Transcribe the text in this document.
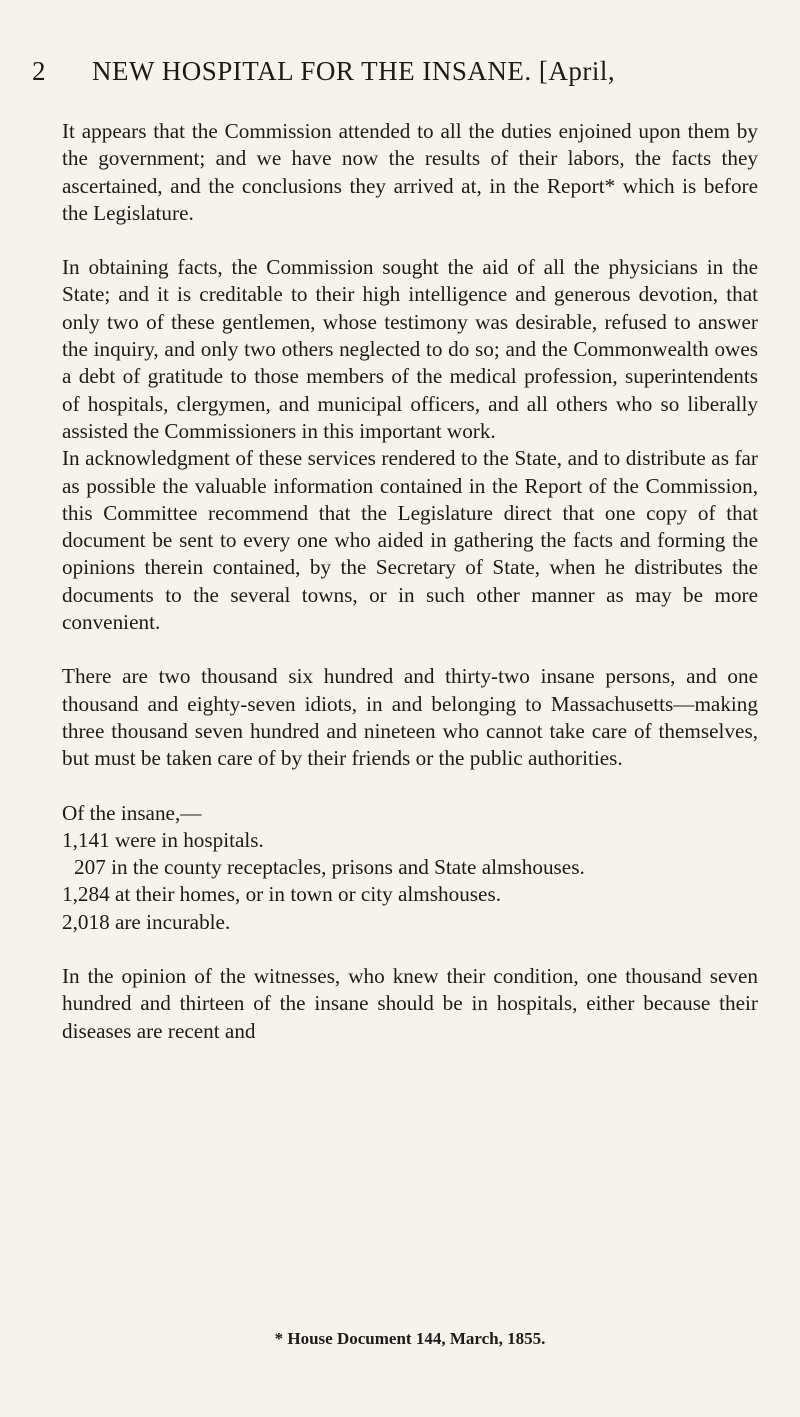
2 NEW HOSPITAL FOR THE INSANE. [April,

It appears that the Commission attended to all the duties enjoined upon them by the government; and we have now the results of their labors, the facts they ascertained, and the conclusions they arrived at, in the Report* which is before the Legislature.

In obtaining facts, the Commission sought the aid of all the physicians in the State; and it is creditable to their high intelligence and generous devotion, that only two of these gentlemen, whose testimony was desirable, refused to answer the inquiry, and only two others neglected to do so; and the Commonwealth owes a debt of gratitude to those members of the medical profession, superintendents of hospitals, clergymen, and municipal officers, and all others who so liberally assisted the Commissioners in this important work.

In acknowledgment of these services rendered to the State, and to distribute as far as possible the valuable information contained in the Report of the Commission, this Committee recommend that the Legislature direct that one copy of that document be sent to every one who aided in gathering the facts and forming the opinions therein contained, by the Secretary of State, when he distributes the documents to the several towns, or in such other manner as may be more convenient.

There are two thousand six hundred and thirty-two insane persons, and one thousand and eighty-seven idiots, in and belonging to Massachusetts—making three thousand seven hundred and nineteen who cannot take care of themselves, but must be taken care of by their friends or the public authorities.

Of the insane,—

1,141 were in hospitals.

207 in the county receptacles, prisons and State almshouses.

1,284 at their homes, or in town or city almshouses.

2,018 are incurable.

In the opinion of the witnesses, who knew their condition, one thousand seven hundred and thirteen of the insane should be in hospitals, either because their diseases are recent and

* House Document 144, March, 1855.
